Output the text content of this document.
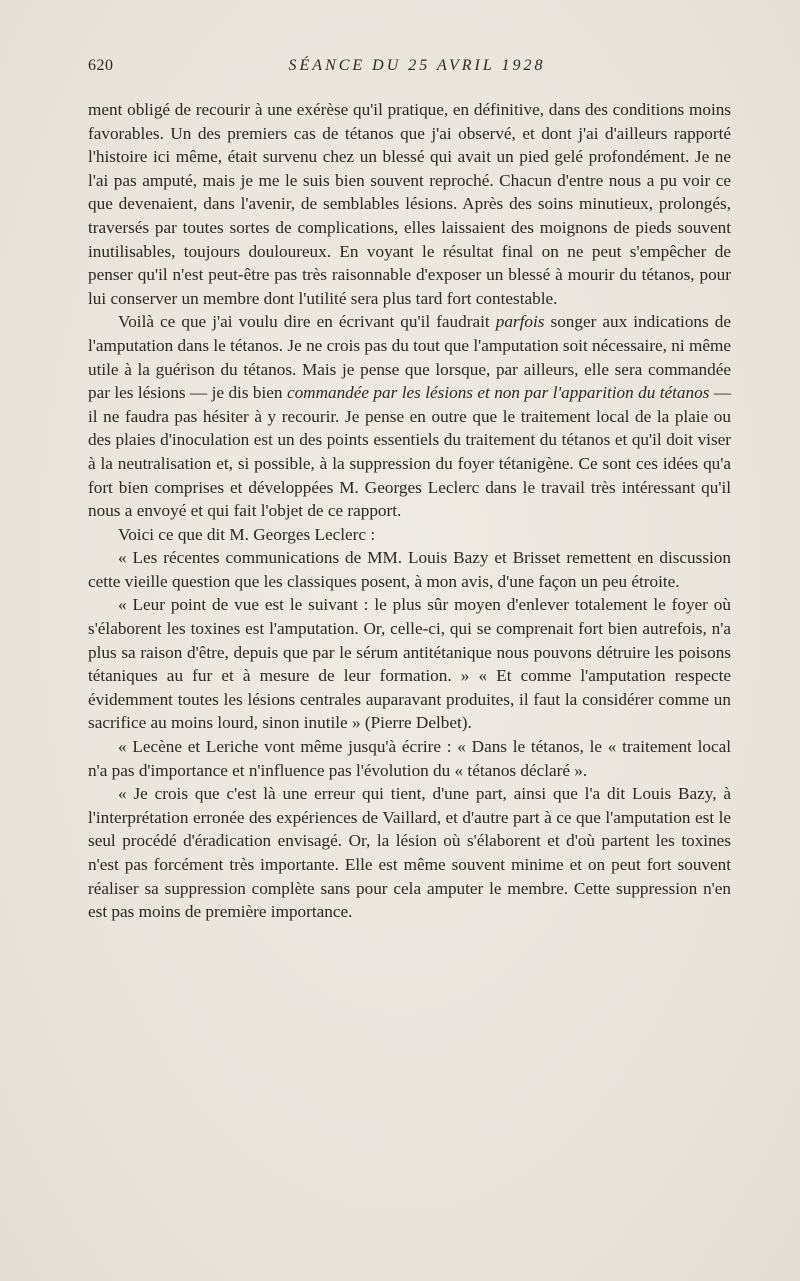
620	SÉANCE DU 25 AVRIL 1928

ment obligé de recourir à une exérèse qu'il pratique, en définitive, dans des conditions moins favorables. Un des premiers cas de tétanos que j'ai observé, et dont j'ai d'ailleurs rapporté l'histoire ici même, était survenu chez un blessé qui avait un pied gelé profondément. Je ne l'ai pas amputé, mais je me le suis bien souvent reproché. Chacun d'entre nous a pu voir ce que devenaient, dans l'avenir, de semblables lésions. Après des soins minutieux, prolongés, traversés par toutes sortes de complications, elles laissaient des moignons de pieds souvent inutilisables, toujours douloureux. En voyant le résultat final on ne peut s'empêcher de penser qu'il n'est peut-être pas très raisonnable d'exposer un blessé à mourir du tétanos, pour lui conserver un membre dont l'utilité sera plus tard fort contestable.

Voilà ce que j'ai voulu dire en écrivant qu'il faudrait parfois songer aux indications de l'amputation dans le tétanos. Je ne crois pas du tout que l'amputation soit nécessaire, ni même utile à la guérison du tétanos. Mais je pense que lorsque, par ailleurs, elle sera commandée par les lésions — je dis bien commandée par les lésions et non par l'apparition du tétanos — il ne faudra pas hésiter à y recourir. Je pense en outre que le traitement local de la plaie ou des plaies d'inoculation est un des points essentiels du traitement du tétanos et qu'il doit viser à la neutralisation et, si possible, à la suppression du foyer tétanigène. Ce sont ces idées qu'a fort bien comprises et développées M. Georges Leclerc dans le travail très intéressant qu'il nous a envoyé et qui fait l'objet de ce rapport.

Voici ce que dit M. Georges Leclerc :

« Les récentes communications de MM. Louis Bazy et Brisset remettent en discussion cette vieille question que les classiques posent, à mon avis, d'une façon un peu étroite.

« Leur point de vue est le suivant : le plus sûr moyen d'enlever totalement le foyer où s'élaborent les toxines est l'amputation. Or, celle-ci, qui se comprenait fort bien autrefois, n'a plus sa raison d'être, depuis que par le sérum antitétanique nous pouvons détruire les poisons tétaniques au fur et à mesure de leur formation. » « Et comme l'amputation respecte évidemment toutes les lésions centrales auparavant produites, il faut la considérer comme un sacrifice au moins lourd, sinon inutile » (Pierre Delbet).

« Lecène et Leriche vont même jusqu'à écrire : « Dans le tétanos, le « traitement local n'a pas d'importance et n'influence pas l'évolution du « tétanos déclaré ».

« Je crois que c'est là une erreur qui tient, d'une part, ainsi que l'a dit Louis Bazy, à l'interprétation erronée des expériences de Vaillard, et d'autre part à ce que l'amputation est le seul procédé d'éradication envisagé. Or, la lésion où s'élaborent et d'où partent les toxines n'est pas forcément très importante. Elle est même souvent minime et on peut fort souvent réaliser sa suppression complète sans pour cela amputer le membre. Cette suppression n'en est pas moins de première importance.
